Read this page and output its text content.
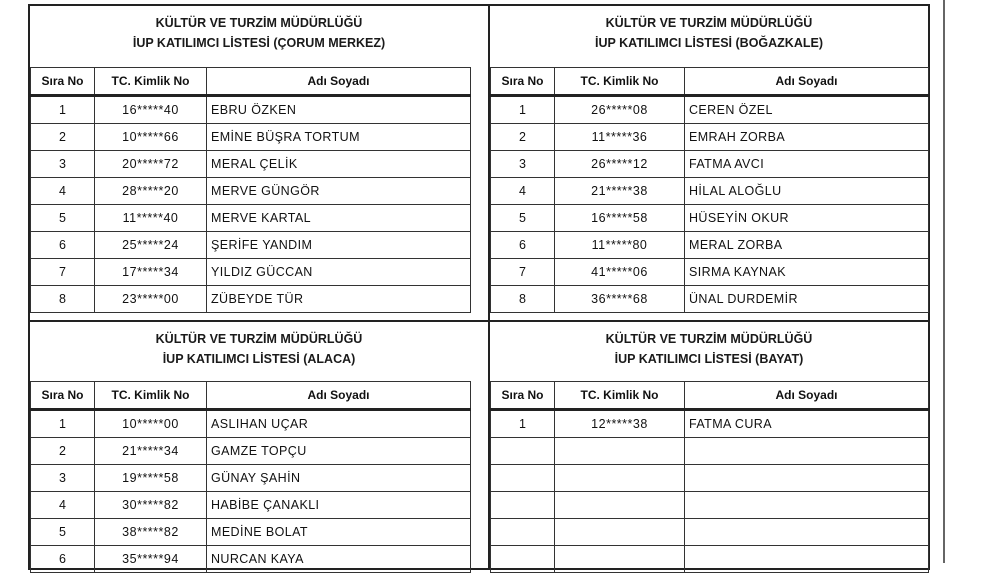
KÜLTÜR VE TURZİM MÜDÜRLÜĞÜ
İUP KATILIMCI LİSTESİ (ÇORUM MERKEZ)
Sıra No	TC. Kimlik No	Adı Soyadı
1	16*****40	EBRU ÖZKEN
2	10*****66	EMİNE BÜŞRA TORTUM
3	20*****72	MERAL ÇELİK
4	28*****20	MERVE GÜNGÖR
5	11*****40	MERVE KARTAL
6	25*****24	ŞERİFE YANDIM
7	17*****34	YILDIZ GÜCCAN
8	23*****00	ZÜBEYDE TÜR
KÜLTÜR VE TURZİM MÜDÜRLÜĞÜ
İUP KATILIMCI LİSTESİ (BOĞAZKALE)
Sıra No	TC. Kimlik No	Adı Soyadı
1	26*****08	CEREN ÖZEL
2	11*****36	EMRAH ZORBA
3	26*****12	FATMA AVCI
4	21*****38	HİLAL ALOĞLU
5	16*****58	HÜSEYİN OKUR
6	11*****80	MERAL ZORBA
7	41*****06	SIRMA KAYNAK
8	36*****68	ÜNAL DURDEMİR
KÜLTÜR VE TURZİM MÜDÜRLÜĞÜ
İUP KATILIMCI LİSTESİ (ALACA)
Sıra No	TC. Kimlik No	Adı Soyadı
1	10*****00	ASLIHAN UÇAR
2	21*****34	GAMZE TOPÇU
3	19*****58	GÜNAY ŞAHİN
4	30*****82	HABİBE ÇANAKLI
5	38*****82	MEDİNE BOLAT
6	35*****94	NURCAN KAYA
KÜLTÜR VE TURZİM MÜDÜRLÜĞÜ
İUP KATILIMCI LİSTESİ (BAYAT)
Sıra No	TC. Kimlik No	Adı Soyadı
1	12*****38	FATMA CURA
